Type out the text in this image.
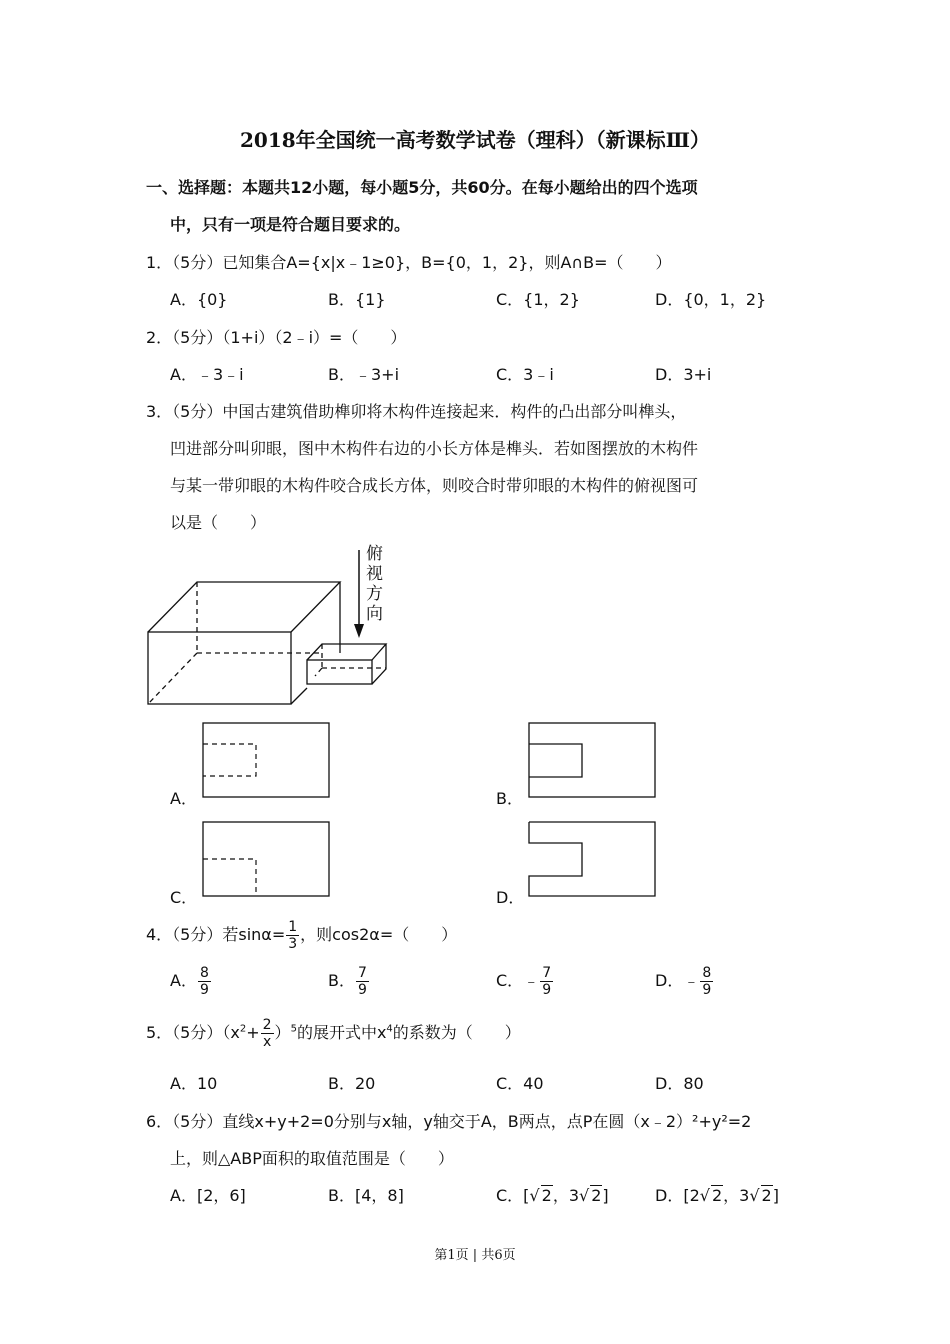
2018年全国统一高考数学试卷（理科）（新课标Ⅲ）
一、选择题：本题共12小题，每小题5分，共60分。在每小题给出的四个选项
中，只有一项是符合题目要求的。
1．（5分）已知集合A={x|x﹣1≥0}，B={0，1，2}，则A∩B=（　　）
A．{0}	B．{1}	C．{1，2}	D．{0，1，2}
2．（5分）（1+i）（2﹣i）=（　　）
A．﹣3﹣i	B．﹣3+i	C．3﹣i	D．3+i
3．（5分）中国古建筑借助榫卯将木构件连接起来．构件的凸出部分叫榫头，
凹进部分叫卯眼，图中木构件右边的小长方体是榫头．若如图摆放的木构件
与某一带卯眼的木构件咬合成长方体，则咬合时带卯眼的木构件的俯视图可
以是（　　）
俯
视
方
向
A．	B．
C．	D．
4．（5分）若$\sin\alpha= \frac{1}{3}$ ，则cos2α=（　　）
A． $\frac{8}{9}$	B． $\frac{7}{9}$	C．﹣ $\frac{7}{9}$	D．﹣ $\frac{8}{9}$
5．（5分）$(x^2+ \frac{2}{x} )^5$的展开式中$x^4$的系数为（　　）
A．10	B．20	C．40	D．80
6．（5分）直线x+y+2=0分别与x轴，y轴交于A，B两点，点P在圆（x﹣2）²+y²=2
上，则△ABP面积的取值范围是（　　）
A．[2，6]	B．[4，8]	C．[√ 2，3√ 2]	D．[2√ 2，3√ 2]
第1页 | 共6页
